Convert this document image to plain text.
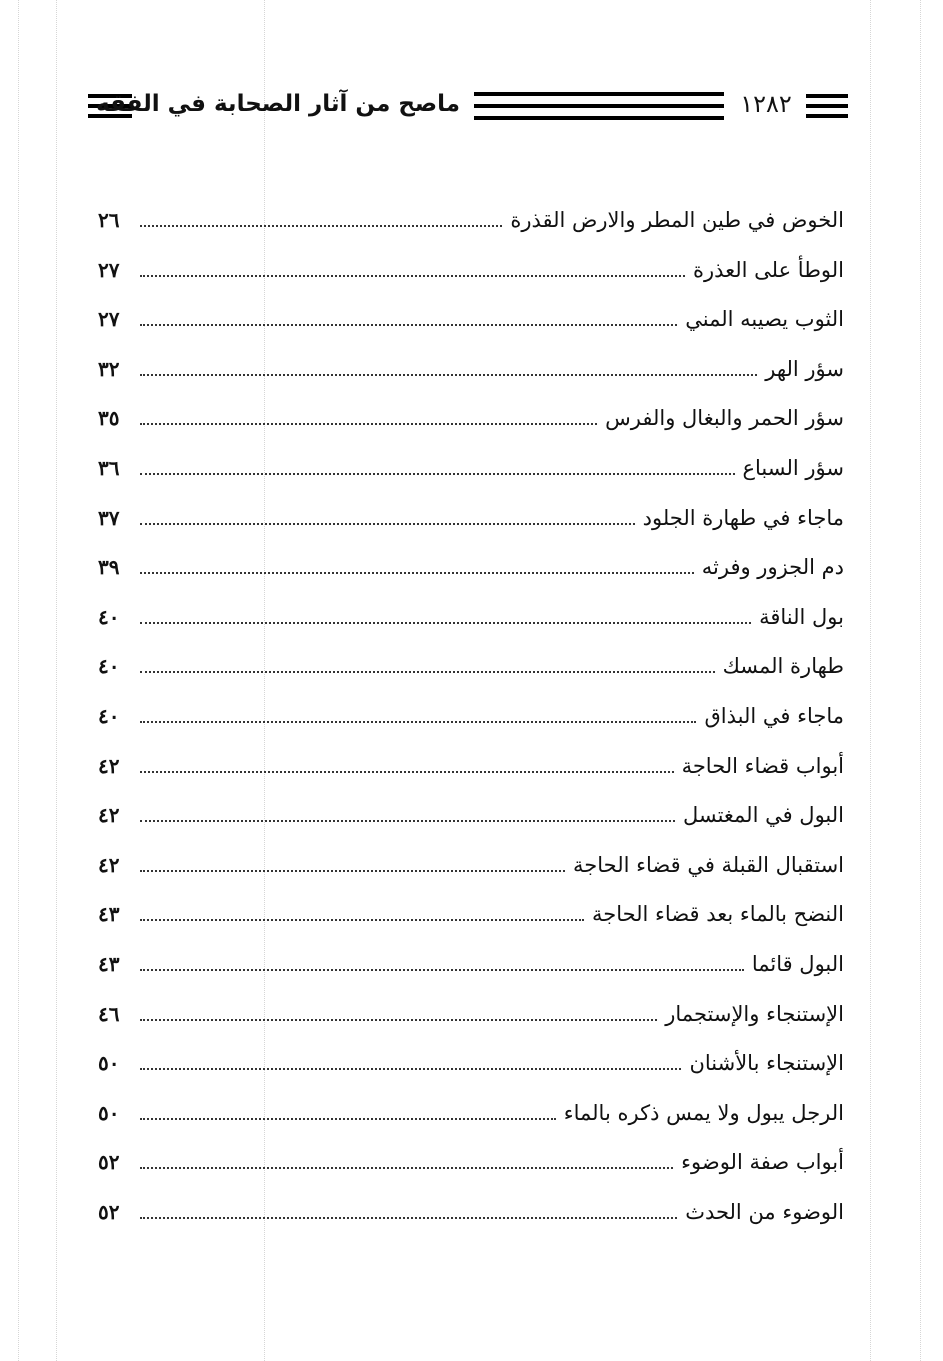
ماصح من آثار الصحابة في الفقه	١٢٨٢
الخوض في طين المطر والارض القذرة
٢٦
الوطأ على العذرة
٢٧
الثوب يصيبه المني
٢٧
سؤر الهر
٣٢
سؤر الحمر والبغال والفرس
٣٥
سؤر السباع
٣٦
ماجاء في طهارة الجلود
٣٧
دم الجزور وفرثه
٣٩
بول الناقة
٤٠
طهارة المسك
٤٠
ماجاء في البذاق
٤٠
أبواب قضاء الحاجة
٤٢
البول في المغتسل
٤٢
استقبال القبلة في قضاء الحاجة
٤٢
النضح بالماء بعد قضاء الحاجة
٤٣
البول قائما
٤٣
الإستنجاء والإستجمار
٤٦
الإستنجاء بالأشنان
٥٠
الرجل يبول ولا يمس ذكره بالماء
٥٠
أبواب صفة الوضوء
٥٢
الوضوء من الحدث
٥٢
